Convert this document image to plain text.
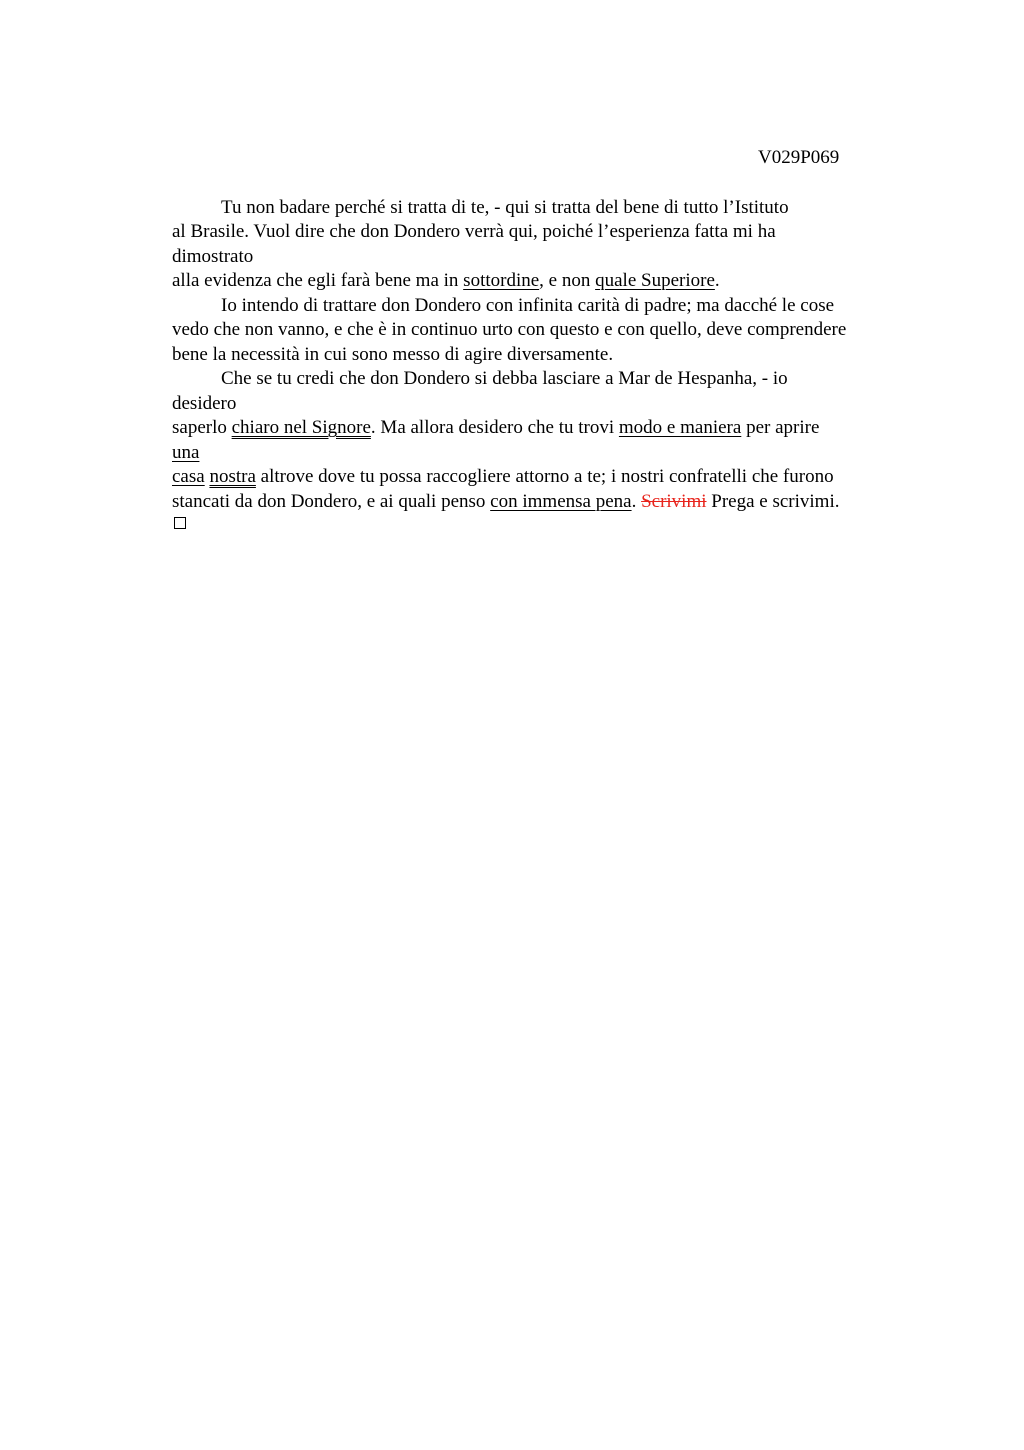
V029P069
Tu non badare perché si tratta di te, - qui si tratta del bene di tutto l’Istituto
al Brasile. Vuol dire che don Dondero verrà qui, poiché l’esperienza fatta mi ha
dimostrato
alla evidenza che egli farà bene ma in sottordine, e non quale Superiore.
Io intendo di trattare don Dondero con infinita carità di padre; ma dacché le cose
vedo che non vanno, e che è in continuo urto con questo e con quello, deve comprendere
bene la necessità in cui sono messo di agire diversamente.
Che se tu credi che don Dondero si debba lasciare a Mar de Hespanha, - io
desidero
saperlo chiaro nel Signore. Ma allora desidero che tu trovi modo e maniera per aprire
una
casa nostra altrove dove tu possa raccogliere attorno a te; i nostri confratelli che furono
stancati da don Dondero, e ai quali penso con immensa pena. Scrivimi Prega e scrivimi.
